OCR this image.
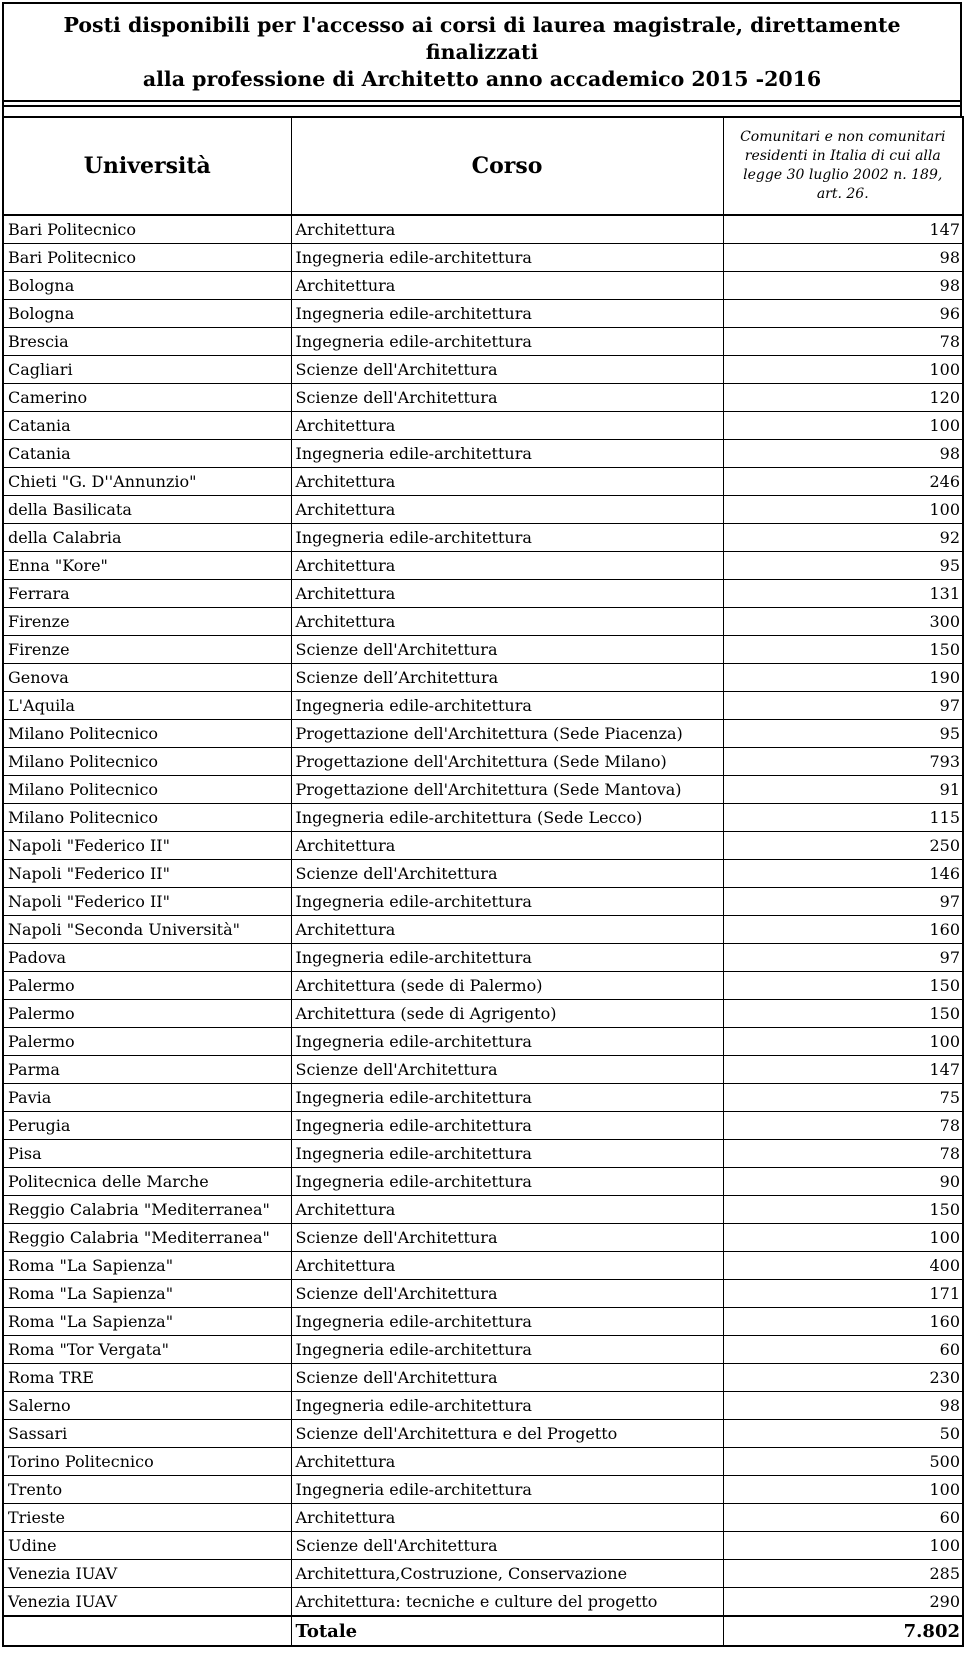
Posti disponibili per l'accesso ai corsi di laurea magistrale, direttamente finalizzati
alla professione di Architetto anno accademico 2015 -2016
Università	Corso	Comunitari e non comunitari residenti in Italia di cui alla legge 30 luglio 2002 n. 189, art. 26.
Bari Politecnico	Architettura	147
Bari Politecnico	Ingegneria edile-architettura	98
Bologna	Architettura	98
Bologna	Ingegneria edile-architettura	96
Brescia	Ingegneria edile-architettura	78
Cagliari	Scienze dell'Architettura	100
Camerino	Scienze dell'Architettura	120
Catania	Architettura	100
Catania	Ingegneria edile-architettura	98
Chieti "G. D''Annunzio"	Architettura	246
della Basilicata	Architettura	100
della Calabria	Ingegneria edile-architettura	92
Enna "Kore"	Architettura	95
Ferrara	Architettura	131
Firenze	Architettura	300
Firenze	Scienze dell'Architettura	150
Genova	Scienze dell’Architettura	190
L'Aquila	Ingegneria edile-architettura	97
Milano Politecnico	Progettazione dell'Architettura (Sede Piacenza)	95
Milano Politecnico	Progettazione dell'Architettura (Sede Milano)	793
Milano Politecnico	Progettazione dell'Architettura (Sede Mantova)	91
Milano Politecnico	Ingegneria edile-architettura (Sede Lecco)	115
Napoli "Federico II"	Architettura	250
Napoli "Federico II"	Scienze dell'Architettura	146
Napoli "Federico II"	Ingegneria edile-architettura	97
Napoli "Seconda Università"	Architettura	160
Padova	Ingegneria edile-architettura	97
Palermo	Architettura (sede di Palermo)	150
Palermo	Architettura (sede di Agrigento)	150
Palermo	Ingegneria edile-architettura	100
Parma	Scienze dell'Architettura	147
Pavia	Ingegneria edile-architettura	75
Perugia	Ingegneria edile-architettura	78
Pisa	Ingegneria edile-architettura	78
Politecnica delle Marche	Ingegneria edile-architettura	90
Reggio Calabria "Mediterranea"	Architettura	150
Reggio Calabria "Mediterranea"	Scienze dell'Architettura	100
Roma "La Sapienza"	Architettura	400
Roma "La Sapienza"	Scienze dell'Architettura	171
Roma "La Sapienza"	Ingegneria edile-architettura	160
Roma "Tor Vergata"	Ingegneria edile-architettura	60
Roma TRE	Scienze dell'Architettura	230
Salerno	Ingegneria edile-architettura	98
Sassari	Scienze dell'Architettura e del Progetto	50
Torino Politecnico	Architettura	500
Trento	Ingegneria edile-architettura	100
Trieste	Architettura	60
Udine	Scienze dell'Architettura	100
Venezia IUAV	Architettura,Costruzione, Conservazione	285
Venezia IUAV	Architettura: tecniche e culture del progetto	290
	Totale	7.802
